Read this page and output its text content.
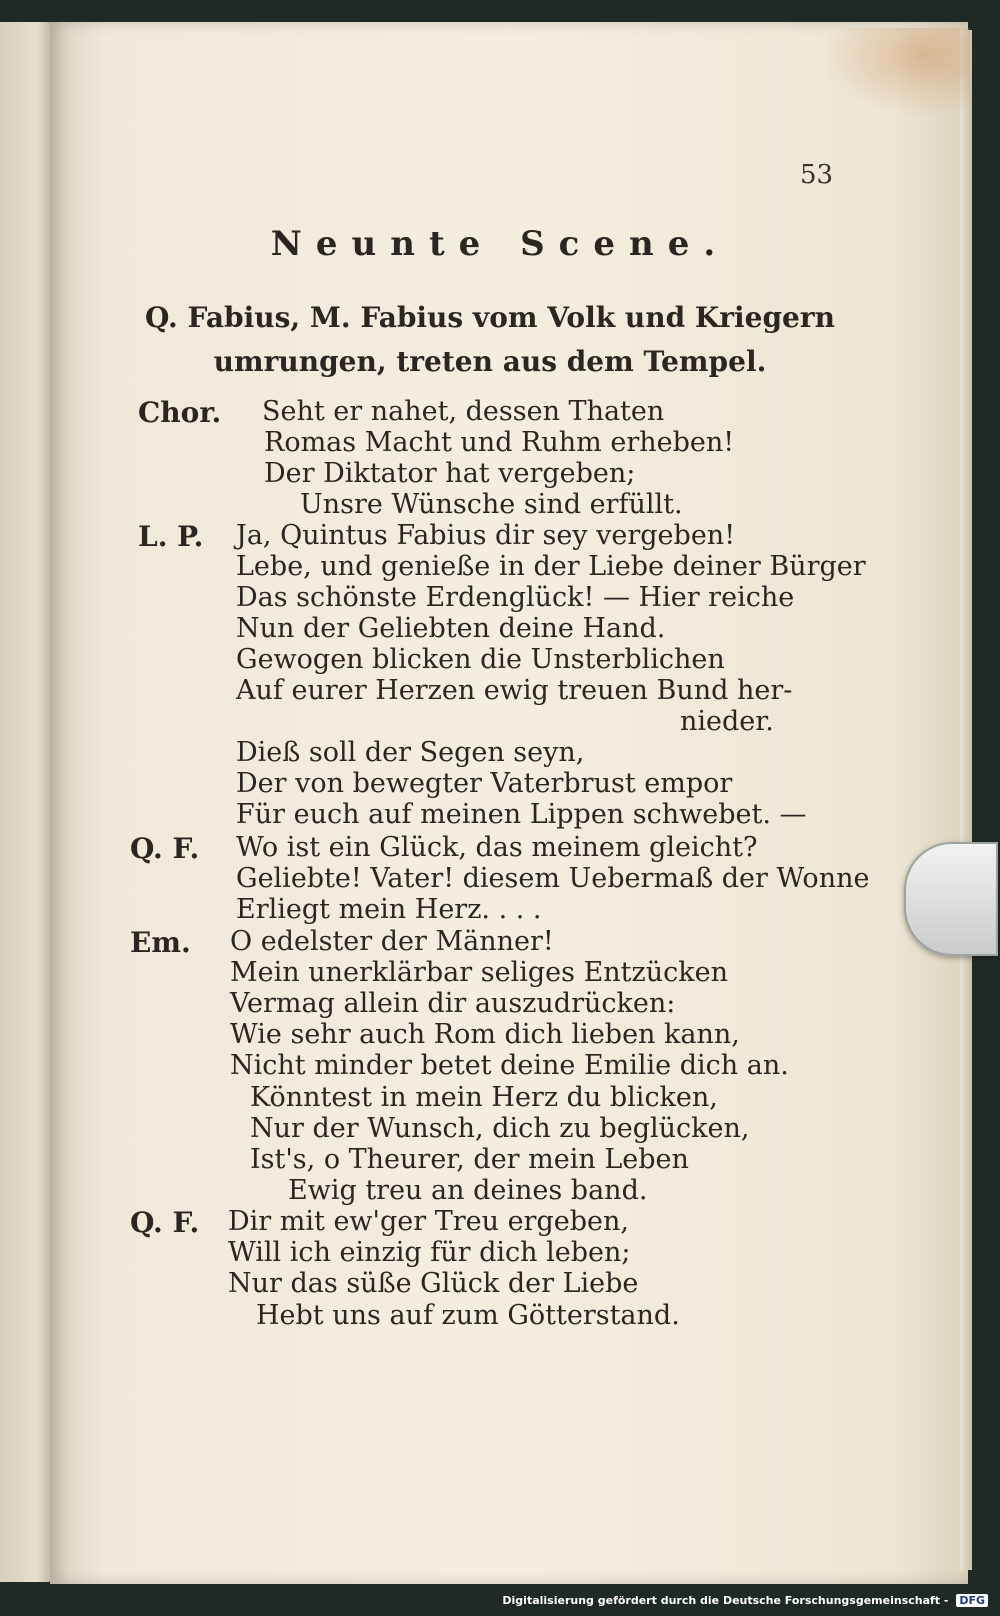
53
Neunte Scene.
Q. Fabius, M. Fabius vom Volk und Kriegern
umrungen, treten aus dem Tempel.
Chor.
L. P.
Q. F.
Em.
Q. F.
Seht er nahet, dessen Thaten
Romas Macht und Ruhm erheben!
Der Diktator hat vergeben;
Unsre Wünsche sind erfüllt.
Ja, Quintus Fabius dir sey vergeben!
Lebe, und genieße in der Liebe deiner Bürger
Das schönste Erdenglück! — Hier reiche
Nun der Geliebten deine Hand.
Gewogen blicken die Unsterblichen
Auf eurer Herzen ewig treuen Bund her-
nieder.
Dieß soll der Segen seyn,
Der von bewegter Vaterbrust empor
Für euch auf meinen Lippen schwebet. —
Wo ist ein Glück, das meinem gleicht?
Geliebte! Vater! diesem Uebermaß der Wonne
Erliegt mein Herz. . . .
O edelster der Männer!
Mein unerklärbar seliges Entzücken
Vermag allein dir auszudrücken:
Wie sehr auch Rom dich lieben kann,
Nicht minder betet deine Emilie dich an.
Könntest in mein Herz du blicken,
Nur der Wunsch, dich zu beglücken,
Ist's, o Theurer, der mein Leben
Ewig treu an deines band.
Dir mit ew'ger Treu ergeben,
Will ich einzig für dich leben;
Nur das süße Glück der Liebe
Hebt uns auf zum Götterstand.
Digitalisierung gefördert durch die Deutsche Forschungsgemeinschaft - DFG
